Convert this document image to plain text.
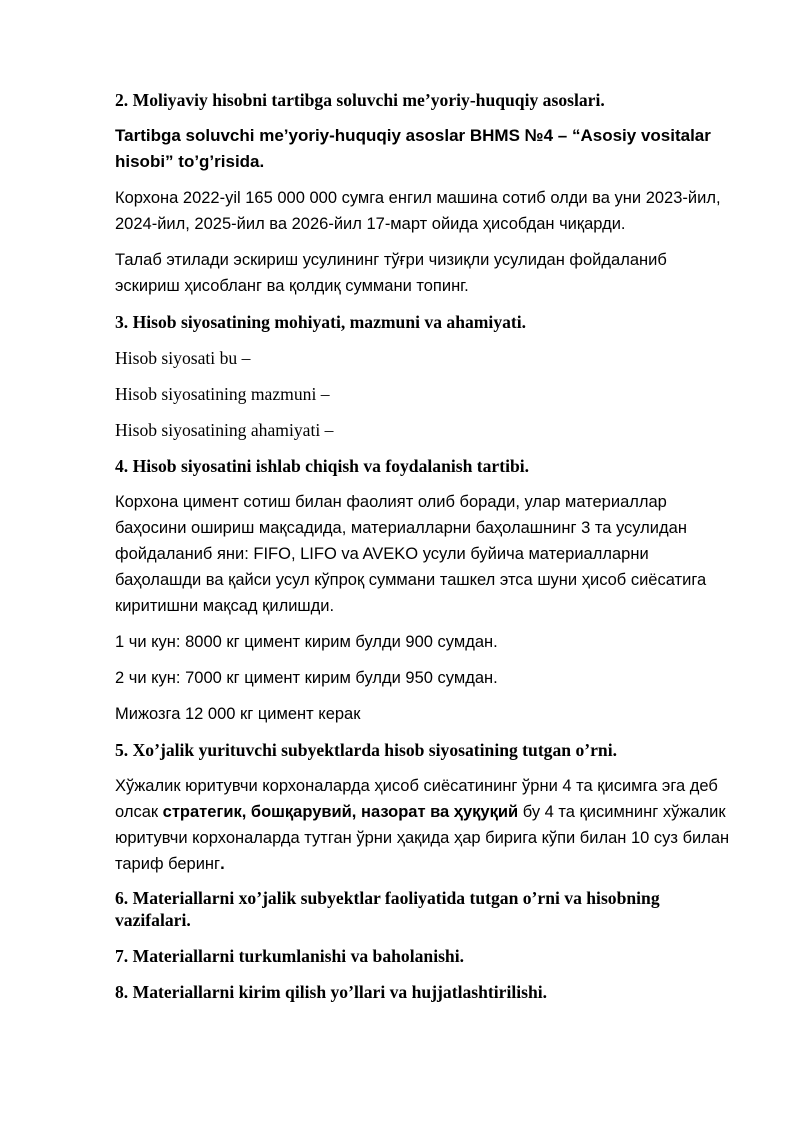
2. Moliyaviy hisobni tartibga soluvchi me’yoriy-huquqiy asoslari.

Tartibga soluvchi me’yoriy-huquqiy asoslar BHMS №4 – “Asosiy vositalar hisobi” to’g’risida.

Корхона 2022-yil 165 000 000 сумга енгил машина сотиб олди ва уни 2023-йил, 2024-йил, 2025-йил ва 2026-йил 17-март ойида ҳисобдан чиқарди.

Талаб этилади эскириш усулининг тўғри чизиқли усулидан фойдаланиб эскириш ҳисобланг ва қолдиқ суммани топинг.

3. Hisob siyosatining mohiyati, mazmuni va ahamiyati.

Hisob siyosati bu –

Hisob siyosatining mazmuni –

Hisob siyosatining ahamiyati –

4. Hisob siyosatini ishlab chiqish va foydalanish tartibi.

Корхона цимент сотиш билан фаолият олиб боради, улар материаллар баҳосини ошириш мақсадида, материалларни баҳолашнинг 3 та усулидан фойдаланиб яни: FIFO, LIFO va AVEKO усули буйича материалларни баҳолашди ва қайси усул кўпроқ суммани ташкел этса шуни ҳисоб сиёсатига киритишни мақсад қилишди.

1 чи кун: 8000 кг цимент кирим булди 900 сумдан.

2 чи кун: 7000 кг цимент кирим булди 950 сумдан.

Мижозга 12 000 кг цимент керак

5. Xo’jalik yurituvchi subyektlarda hisob siyosatining tutgan o’rni.

Хўжалик юритувчи корхоналарда ҳисоб сиёсатининг ўрни 4 та қисимга эга деб олсак стратегик, бошқарувий, назорат ва ҳуқуқий бу 4 та қисимнинг хўжалик юритувчи корхоналарда тутган ўрни ҳақида ҳар бирига кўпи билан 10 суз билан тариф беринг.

6. Materiallarni xo’jalik subyektlar faoliyatida tutgan o’rni va hisobning vazifalari.

7. Materiallarni turkumlanishi va baholanishi.

8. Materiallarni kirim qilish yo’llari va hujjatlashtirilishi.
